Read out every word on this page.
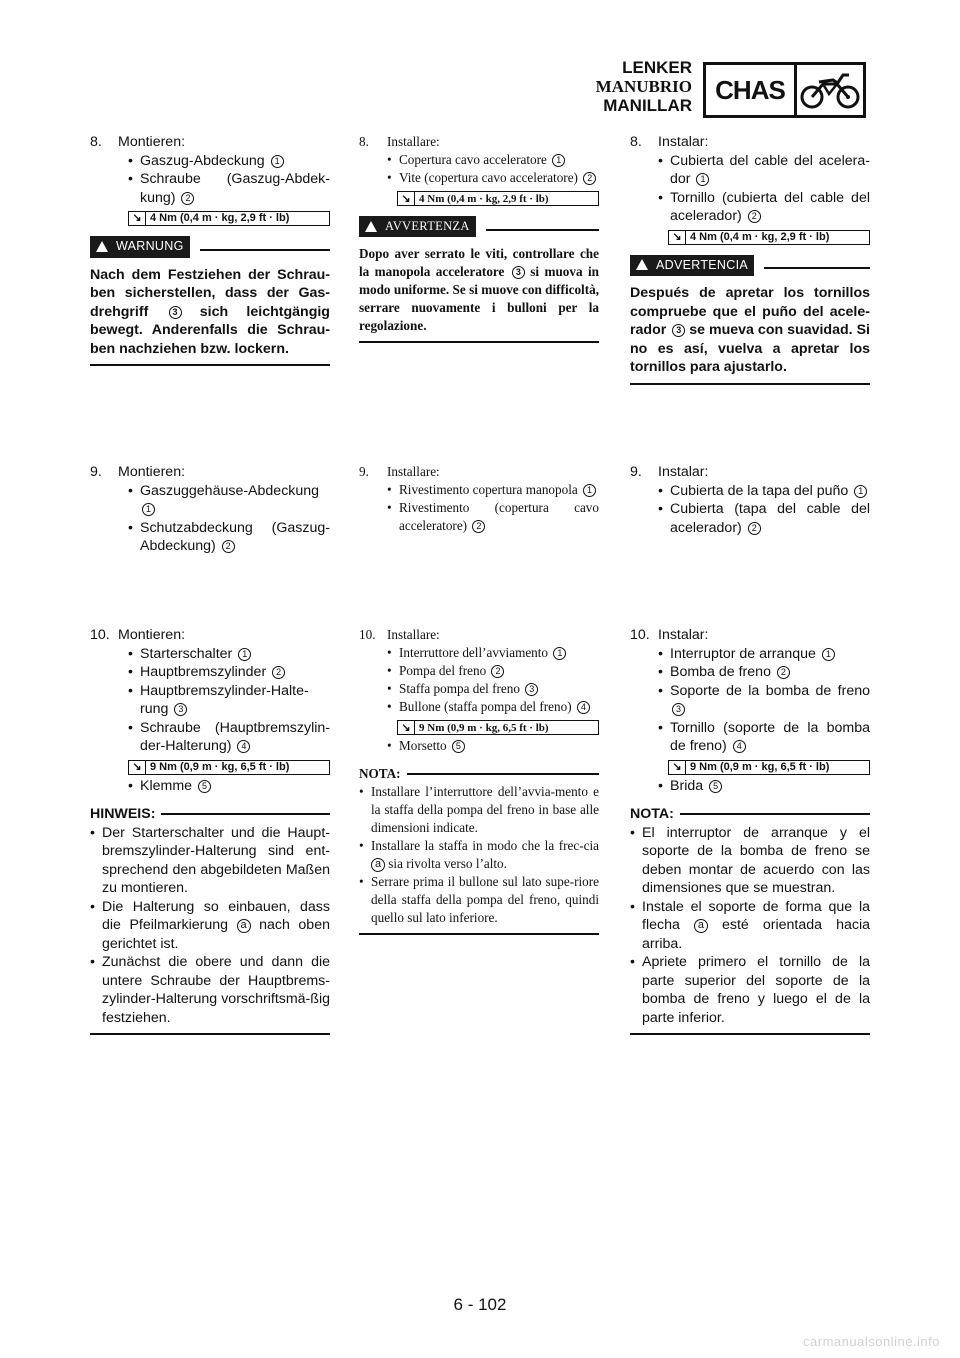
LENKER
MANUBRIO
MANILLAR
CHAS
8.	Montieren:
• Gaszug-Abdeckung 1
• Schraube (Gaszug-Abdek-kung) 2
↘ 4 Nm (0,4 m · kg, 2,9 ft · lb)
WARNUNG
Nach dem Festziehen der Schrau-ben sicherstellen, dass der Gas-drehgriff	3 sich leichtgängig bewegt. Anderenfalls die Schrau-ben nachziehen bzw. lockern.
9.	Montieren:
• Gaszuggehäuse-Abdeckung 1
• Schutzabdeckung (Gaszug-Abdeckung) 2
10. Montieren:
• Starterschalter 1
• Hauptbremszylinder 2
• Hauptbremszylinder-Halte-rung 3
• Schraube (Hauptbremszylin-der-Halterung) 4
↘ 9 Nm (0,9 m · kg, 6,5 ft · lb)
• Klemme 5
HINWEIS:
• Der Starterschalter und die Haupt-bremszylinder-Halterung sind ent-sprechend den abgebildeten Maßen zu montieren.
• Die Halterung so einbauen, dass die Pfeilmarkierung a nach oben gerichtet ist.
• Zunächst die obere und dann die untere Schraube der Hauptbrems-zylinder-Halterung vorschriftsmä-ßig festziehen.
8.	Installare:
• Copertura cavo acceleratore 1
• Vite (copertura cavo acceleratore) 2
↘ 4 Nm (0,4 m · kg, 2,9 ft · lb)
AVVERTENZA
Dopo aver serrato le viti, controllare che la manopola acceleratore 3 si muova in modo uniforme. Se si muove con difficoltà, serrare nuovamente i bulloni per la regolazione.
9.	Installare:
• Rivestimento copertura manopola 1
• Rivestimento (copertura cavo acceleratore) 2
10. Installare:
• Interruttore dell’avviamento 1
• Pompa del freno 2
• Staffa pompa del freno 3
• Bullone (staffa pompa del freno) 4
↘ 9 Nm (0,9 m · kg, 6,5 ft · lb)
• Morsetto 5
NOTA:
• Installare l’interruttore dell’avvia-mento e la staffa della pompa del freno in base alle dimensioni indicate.
• Installare la staffa in modo che la frec-cia a sia rivolta verso l’alto.
• Serrare prima il bullone sul lato supe-riore della staffa della pompa del freno, quindi quello sul lato inferiore.
8.	Instalar:
• Cubierta del cable del acelera-dor 1
• Tornillo (cubierta del cable del acelerador) 2
↘ 4 Nm (0,4 m · kg, 2,9 ft · lb)
ADVERTENCIA
Después de apretar los tornillos compruebe que el puño del acele-rador 3 se mueva con suavidad. Si no es así, vuelva a apretar los tornillos para ajustarlo.
9.	Instalar:
• Cubierta de la tapa del puño 1
• Cubierta (tapa del cable del acelerador) 2
10. Instalar:
• Interruptor de arranque 1
• Bomba de freno 2
• Soporte de la bomba de freno 3
• Tornillo (soporte de la bomba de freno) 4
↘ 9 Nm (0,9 m · kg, 6,5 ft · lb)
• Brida 5
NOTA:
• El interruptor de arranque y el soporte de la bomba de freno se deben montar de acuerdo con las dimensiones que se muestran.
• Instale el soporte de forma que la flecha a esté orientada hacia arriba.
• Apriete primero el tornillo de la parte superior del soporte de la bomba de freno y luego el de la parte inferior.
6 - 102
carmanualsonline.info
